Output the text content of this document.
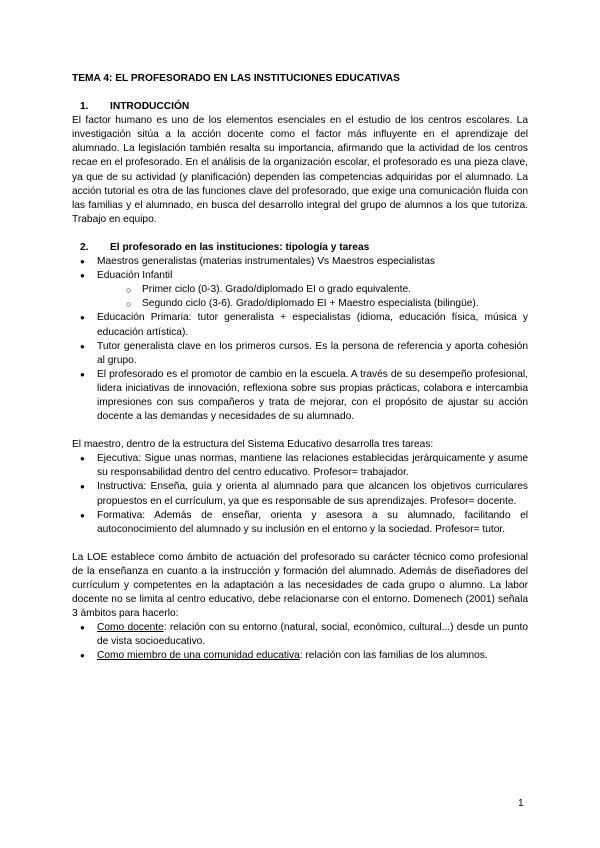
TEMA 4: EL PROFESORADO EN LAS INSTITUCIONES EDUCATIVAS

1.	INTRODUCCIÓN

El factor humano es uno de los elementos esenciales en el estudio de los centros escolares. La investigación sitúa a la acción docente como el factor más influyente en el aprendizaje del alumnado. La legislación también resalta su importancia, afirmando que la actividad de los centros recae en el profesorado. En el análisis de la organización escolar, el profesorado es una pieza clave, ya que de su actividad (y planificación) dependen las competencias adquiridas por el alumnado. La acción tutorial es otra de las funciones clave del profesorado, que exige una comunicación fluida con las familias y el alumnado, en busca del desarrollo integral del grupo de alumnos a los que tutoriza. Trabajo en equipo.

2.	El profesorado en las instituciones: tipología y tareas
● Maestros generalistas (materias instrumentales) Vs Maestros especialistas
● Eduación Infantil
○ Primer ciclo (0-3). Grado/diplomado EI o grado equivalente.
○ Segundo ciclo (3-6). Grado/diplomado EI + Maestro especialista (bilingüe).
● Educación Primaria: tutor generalista + especialistas (idioma, educación física, música y educación artística).
● Tutor generalista clave en los primeros cursos. Es la persona de referencia y aporta cohesión al grupo.
● El profesorado es el promotor de cambio en la escuela. A través de su desempeño profesional, lidera iniciativas de innovación, reflexiona sobre sus propias prácticas, colabora e intercambia impresiones con sus compañeros y trata de mejorar, con el propósito de ajustar su acción docente a las demandas y necesidades de su alumnado.

El maestro, dentro de la estructura del Sistema Educativo desarrolla tres tareas:

● Ejecutiva: Sigue unas normas, mantiene las relaciones establecidas jerárquicamente y asume su responsabilidad dentro del centro educativo. Profesor= trabajador.
● Instructiva: Enseña, guía y orienta al alumnado para que alcancen los objetivos curriculares propuestos en el currículum, ya que es responsable de sus aprendizajes. Profesor= docente.
● Formativa: Además de enseñar, orienta y asesora a su alumnado, facilitando el autoconocimiento del alumnado y su inclusión en el entorno y la sociedad. Profesor= tutor.

La LOE establece como ámbito de actuación del profesorado su carácter técnico como profesional de la enseñanza en cuanto a la instrucción y formación del alumnado. Además de diseñadores del currículum y competentes en la adaptación a las necesidades de cada grupo o alumno. La labor docente no se limita al centro educativo, debe relacionarse con el entorno. Domenech (2001) señala 3 ámbitos para hacerlo:

● Como docente: relación con su entorno (natural, social, económico, cultural...) desde un punto de vista socioeducativo.
● Como miembro de una comunidad educativa: relación con las familias de los alumnos.
1
